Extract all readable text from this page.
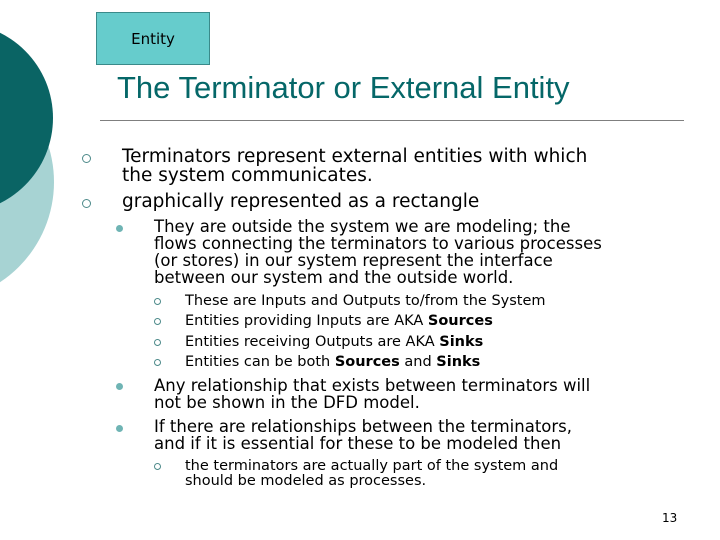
Entity
The Terminator or External Entity
Terminators represent external entities with which
the system communicates.
graphically represented as a rectangle
They are outside the system we are modeling; the
flows connecting the terminators to various processes
(or stores) in our system represent the interface
between our system and the outside world.
These are Inputs and Outputs to/from the System
Entities providing Inputs are AKA Sources
Entities receiving Outputs are AKA Sinks
Entities can be both Sources and Sinks
Any relationship that exists between terminators will
not be shown in the DFD model.
If there are relationships between the terminators,
and if it is essential for these to be modeled then
the terminators are actually part of the system and
should be modeled as processes.
13
